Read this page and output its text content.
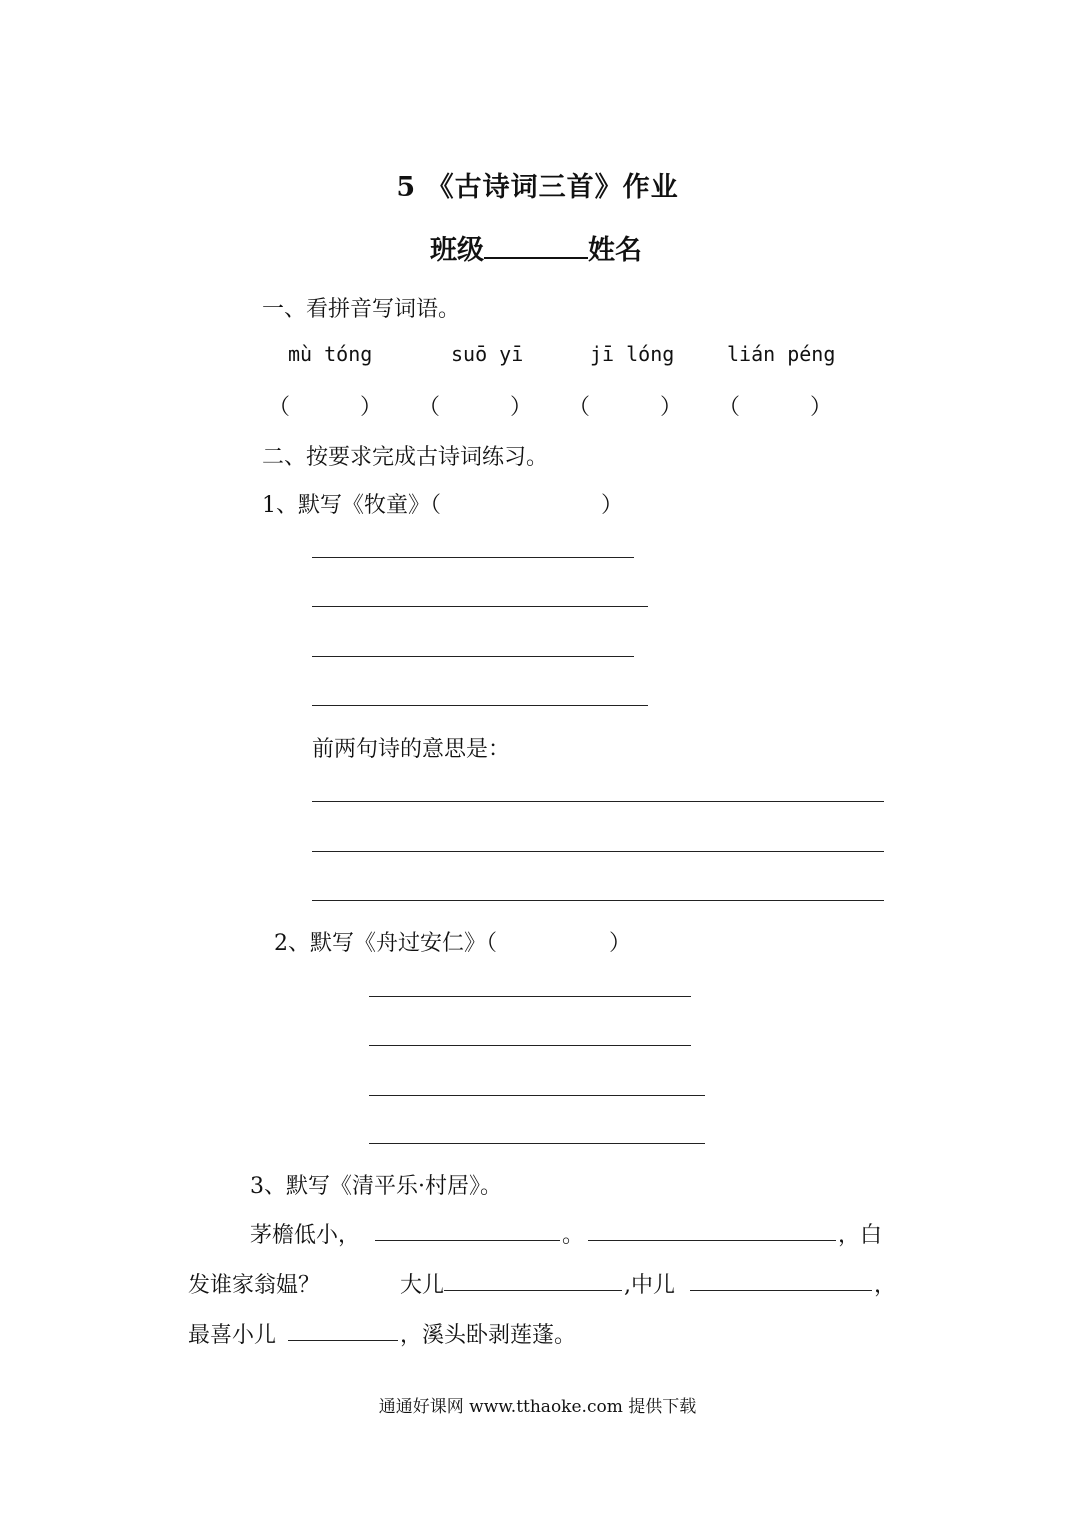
5 《古诗词三首》作业
班级	姓名
一、看拼音写词语。
mù tóng	suō yī	jī lóng	lián péng
（	） （	） （	） （	）
二、按要求完成古诗词练习。
1、默写《牧童》（	）
前两句诗的意思是：
2、默写《舟过安仁》（	）
3、默写《清平乐·村居》。
茅檐低小，	。	，白
发谁家翁媪？	大儿	,中儿	，
最喜小儿	，溪头卧剥莲蓬。
通通好课网 www.tthaoke.com 提供下载
